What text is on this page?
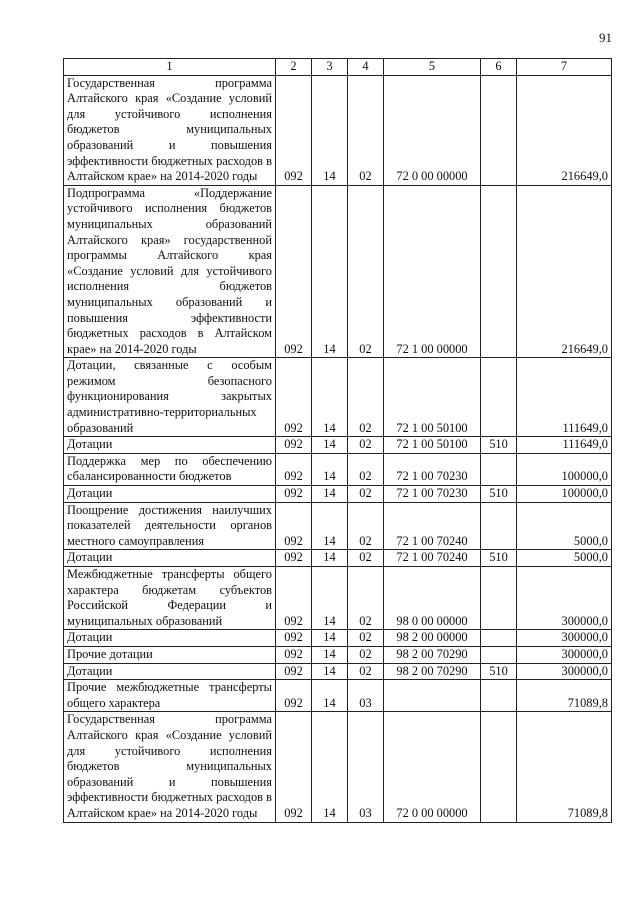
91
1	2	3	4	5	6	7
Государственная программа Алтайского края «Создание условий для устойчивого исполнения бюджетов муниципальных образований и повышения эффективности бюджетных расходов в Алтайском крае» на 2014-2020 годы	092	14	02	72 0 00 00000		216649,0
Подпрограмма «Поддержание устойчивого исполнения бюджетов муниципальных образований Алтайского края» государственной программы Алтайского края «Создание условий для устойчивого исполнения бюджетов муниципальных образований и повышения эффективности бюджетных расходов в Алтайском крае» на 2014-2020 годы	092	14	02	72 1 00 00000		216649,0
Дотации, связанные с особым режимом безопасного функционирования закрытых административно-территориальных образований	092	14	02	72 1 00 50100		111649,0
Дотации	092	14	02	72 1 00 50100	510	111649,0
Поддержка мер по обеспечению сбалансированности бюджетов	092	14	02	72 1 00 70230		100000,0
Дотации	092	14	02	72 1 00 70230	510	100000,0
Поощрение достижения наилучших показателей деятельности органов местного самоуправления	092	14	02	72 1 00 70240		5000,0
Дотации	092	14	02	72 1 00 70240	510	5000,0
Межбюджетные трансферты общего характера бюджетам субъектов Российской Федерации и муниципальных образований	092	14	02	98 0 00 00000		300000,0
Дотации	092	14	02	98 2 00 00000		300000,0
Прочие дотации	092	14	02	98 2 00 70290		300000,0
Дотации	092	14	02	98 2 00 70290	510	300000,0
Прочие межбюджетные трансферты общего характера	092	14	03			71089,8
Государственная программа Алтайского края «Создание условий для устойчивого исполнения бюджетов муниципальных образований и повышения эффективности бюджетных расходов в Алтайском крае» на 2014-2020 годы	092	14	03	72 0 00 00000		71089,8
